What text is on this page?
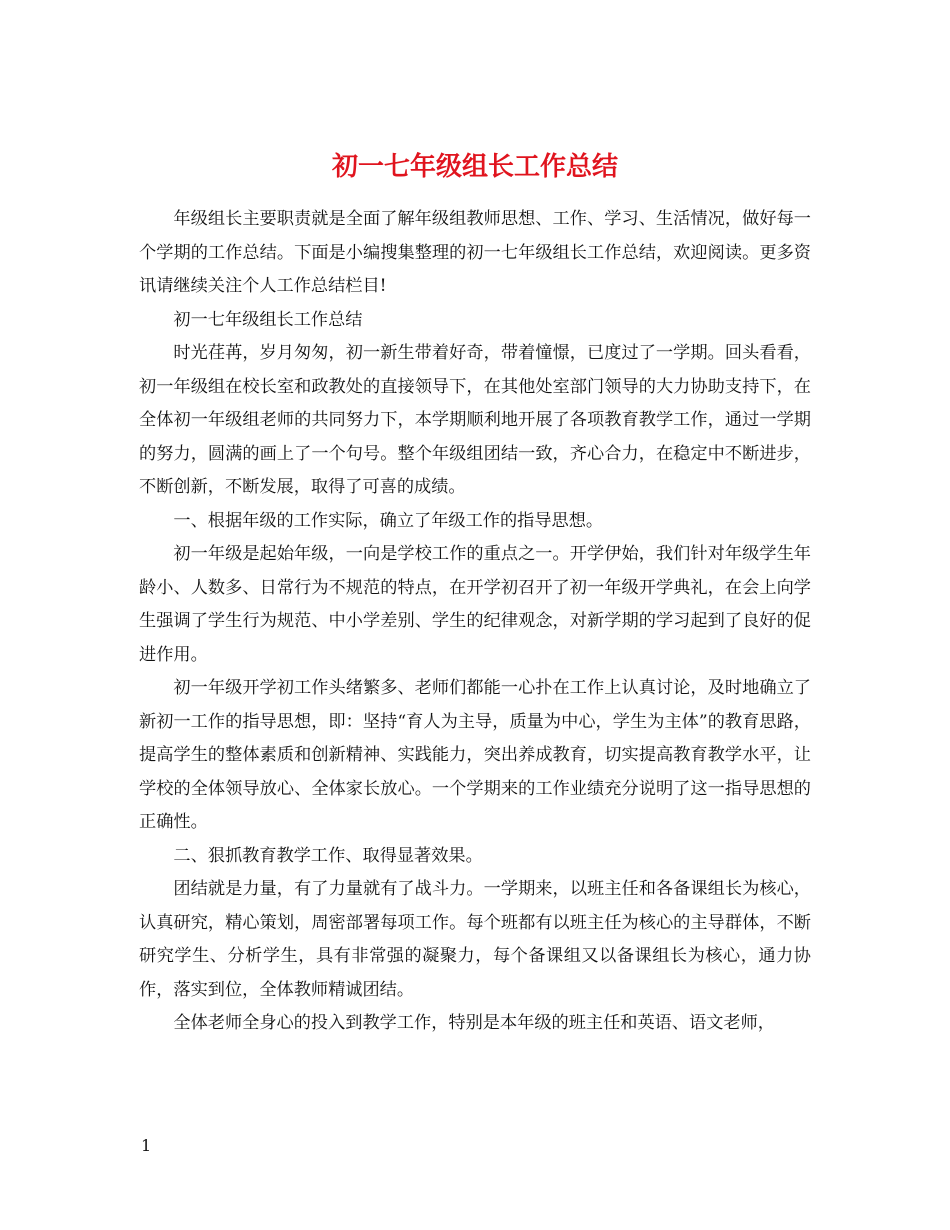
初一七年级组长工作总结

年级组长主要职责就是全面了解年级组教师思想、工作、学习、生活情况，做好每一个学期的工作总结。下面是小编搜集整理的初一七年级组长工作总结，欢迎阅读。更多资讯请继续关注个人工作总结栏目!

初一七年级组长工作总结

时光荏苒，岁月匆匆，初一新生带着好奇，带着憧憬，已度过了一学期。回头看看，初一年级组在校长室和政教处的直接领导下，在其他处室部门领导的大力协助支持下，在全体初一年级组老师的共同努力下，本学期顺利地开展了各项教育教学工作，通过一学期的努力，圆满的画上了一个句号。整个年级组团结一致，齐心合力，在稳定中不断进步，不断创新，不断发展，取得了可喜的成绩。

一、根据年级的工作实际，确立了年级工作的指导思想。

初一年级是起始年级，一向是学校工作的重点之一。开学伊始，我们针对年级学生年龄小、人数多、日常行为不规范的特点，在开学初召开了初一年级开学典礼，在会上向学生强调了学生行为规范、中小学差别、学生的纪律观念，对新学期的学习起到了良好的促进作用。

初一年级开学初工作头绪繁多、老师们都能一心扑在工作上认真讨论，及时地确立了新初一工作的指导思想，即：坚持“育人为主导，质量为中心，学生为主体”的教育思路，提高学生的整体素质和创新精神、实践能力，突出养成教育，切实提高教育教学水平，让学校的全体领导放心、全体家长放心。一个学期来的工作业绩充分说明了这一指导思想的正确性。

二、狠抓教育教学工作、取得显著效果。

团结就是力量，有了力量就有了战斗力。一学期来，以班主任和各备课组长为核心，认真研究，精心策划，周密部署每项工作。每个班都有以班主任为核心的主导群体，不断研究学生、分析学生，具有非常强的凝聚力，每个备课组又以备课组长为核心，通力协作，落实到位，全体教师精诚团结。

全体老师全身心的投入到教学工作，特别是本年级的班主任和英语、语文老师，

1
